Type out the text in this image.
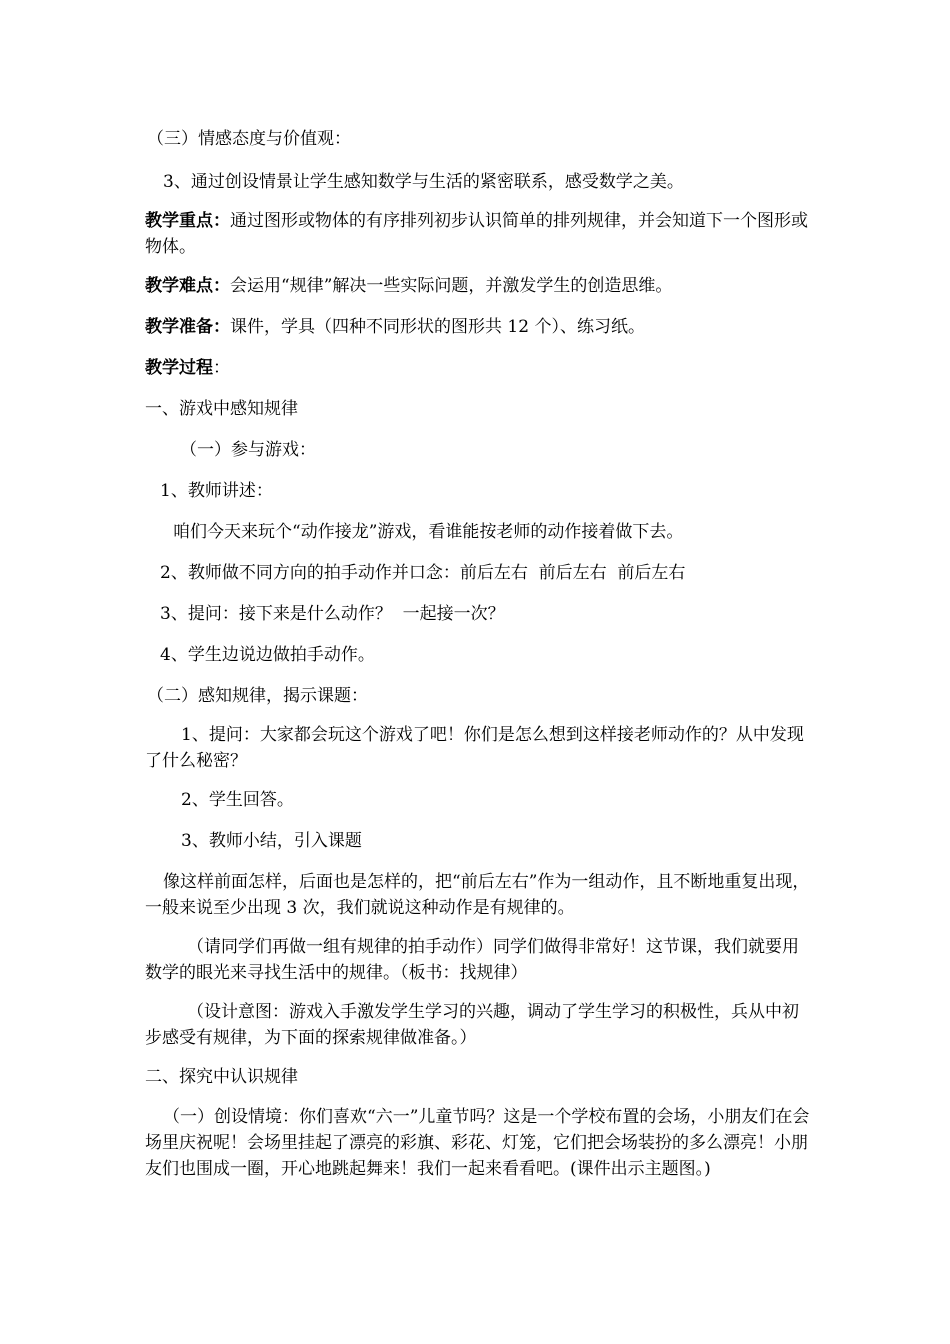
（三）情感态度与价值观：
3、通过创设情景让学生感知数学与生活的紧密联系，感受数学之美。
教学重点：通过图形或物体的有序排列初步认识简单的排列规律，并会知道下一个图形或物体。
教学难点：会运用“规律”解决一些实际问题，并激发学生的创造思维。
教学准备：课件，学具（四种不同形状的图形共 12 个）、练习纸。
教学过程：
一、游戏中感知规律
（一）参与游戏：
1、教师讲述：
咱们今天来玩个“动作接龙”游戏，看谁能按老师的动作接着做下去。
2、教师做不同方向的拍手动作并口念：前后左右  前后左右  前后左右
3、提问：接下来是什么动作？  一起接一次？
4、学生边说边做拍手动作。
（二）感知规律，揭示课题：
1、提问：大家都会玩这个游戏了吧！你们是怎么想到这样接老师动作的？从中发现了什么秘密？
2、学生回答。
3、教师小结，引入课题
像这样前面怎样，后面也是怎样的，把“前后左右”作为一组动作，且不断地重复出现，一般来说至少出现 3 次，我们就说这种动作是有规律的。
（请同学们再做一组有规律的拍手动作）同学们做得非常好！这节课，我们就要用数学的眼光来寻找生活中的规律。（板书：找规律）
（设计意图：游戏入手激发学生学习的兴趣，调动了学生学习的积极性，兵从中初步感受有规律，为下面的探索规律做准备。）
二、探究中认识规律
（一）创设情境：你们喜欢“六一”儿童节吗？这是一个学校布置的会场，小朋友们在会场里庆祝呢！会场里挂起了漂亮的彩旗、彩花、灯笼，它们把会场装扮的多么漂亮！小朋友们也围成一圈，开心地跳起舞来！我们一起来看看吧。(课件出示主题图。)
